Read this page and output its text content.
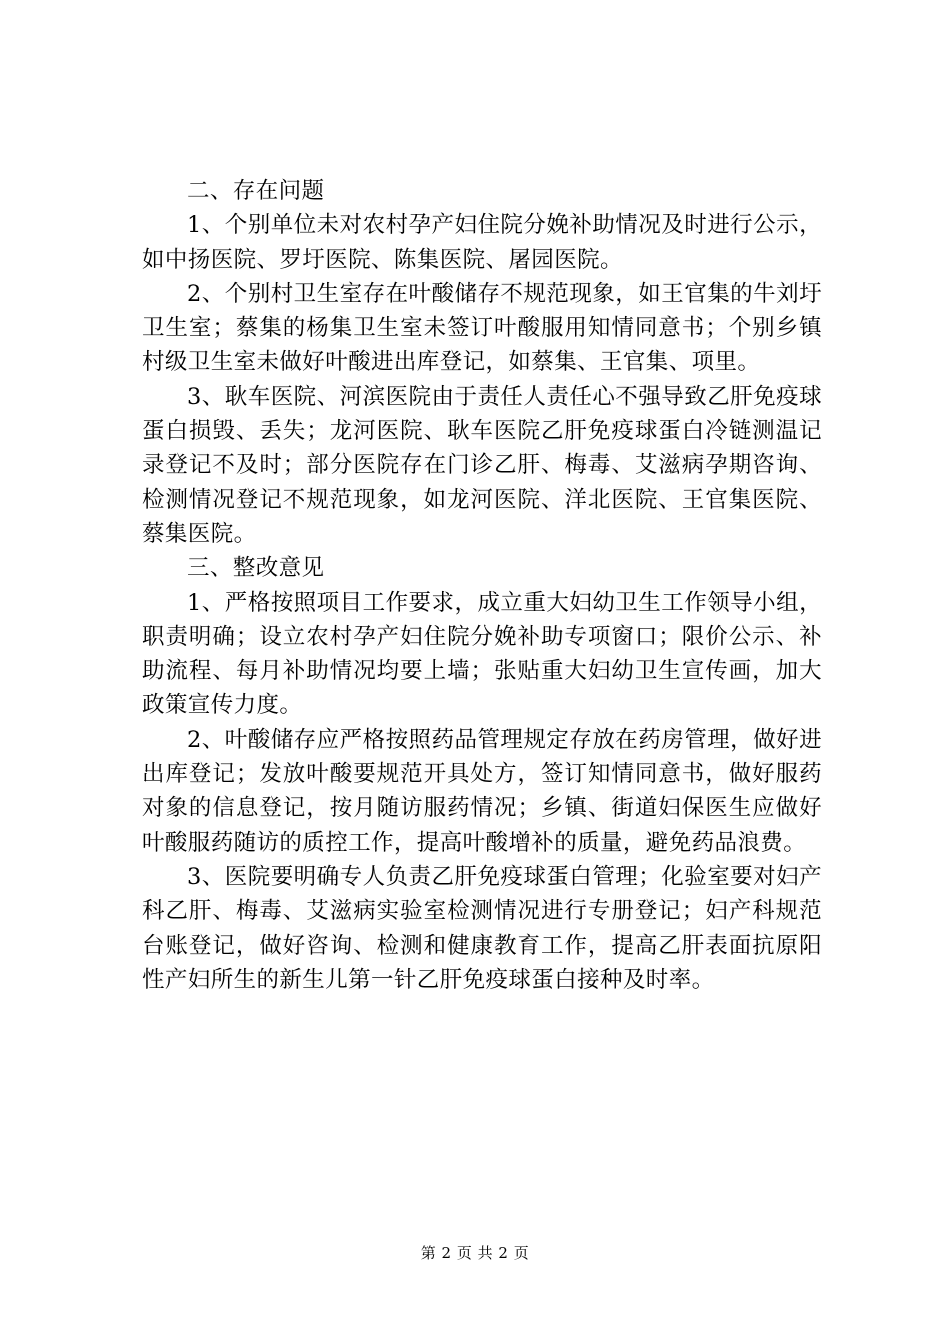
二、存在问题

1、个别单位未对农村孕产妇住院分娩补助情况及时进行公示，如中扬医院、罗圩医院、陈集医院、屠园医院。

2、个别村卫生室存在叶酸储存不规范现象，如王官集的牛刘圩卫生室；蔡集的杨集卫生室未签订叶酸服用知情同意书；个别乡镇村级卫生室未做好叶酸进出库登记，如蔡集、王官集、项里。

3、耿车医院、河滨医院由于责任人责任心不强导致乙肝免疫球蛋白损毁、丢失；龙河医院、耿车医院乙肝免疫球蛋白冷链测温记录登记不及时；部分医院存在门诊乙肝、梅毒、艾滋病孕期咨询、检测情况登记不规范现象，如龙河医院、洋北医院、王官集医院、蔡集医院。

三、整改意见

1、严格按照项目工作要求，成立重大妇幼卫生工作领导小组，职责明确；设立农村孕产妇住院分娩补助专项窗口；限价公示、补助流程、每月补助情况均要上墙；张贴重大妇幼卫生宣传画，加大政策宣传力度。

2、叶酸储存应严格按照药品管理规定存放在药房管理，做好进出库登记；发放叶酸要规范开具处方，签订知情同意书，做好服药对象的信息登记，按月随访服药情况；乡镇、街道妇保医生应做好叶酸服药随访的质控工作，提高叶酸增补的质量，避免药品浪费。

3、医院要明确专人负责乙肝免疫球蛋白管理；化验室要对妇产科乙肝、梅毒、艾滋病实验室检测情况进行专册登记；妇产科规范台账登记，做好咨询、检测和健康教育工作，提高乙肝表面抗原阳性产妇所生的新生儿第一针乙肝免疫球蛋白接种及时率。

第 2 页 共 2 页
